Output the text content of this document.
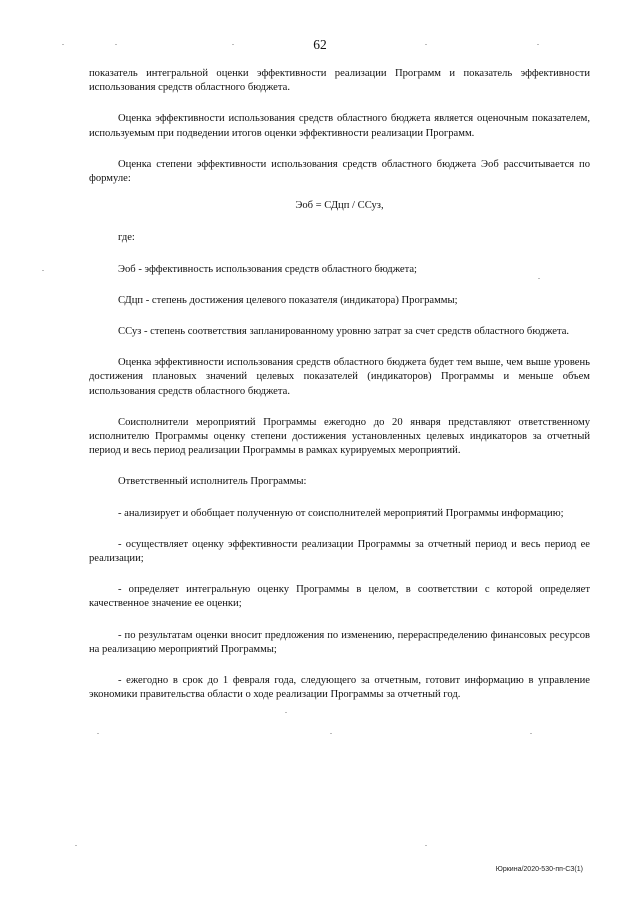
62

показатель интегральной оценки эффективности реализации Программ и показатель эффективности использования средств областного бюджета.

Оценка эффективности использования средств областного бюджета является оценочным показателем, используемым при подведении итогов оценки эффективности реализации Программ.

Оценка степени эффективности использования средств областного бюджета Эоб рассчитывается по формуле:

Эоб = СДцп / ССуз,

где:

Эоб - эффективность использования средств областного бюджета;

СДцп - степень достижения целевого показателя (индикатора) Программы;

ССуз - степень соответствия запланированному уровню затрат за счет средств областного бюджета.

Оценка эффективности использования средств областного бюджета будет тем выше, чем выше уровень достижения плановых значений целевых показателей (индикаторов) Программы и меньше объем использования средств областного бюджета.

Соисполнители мероприятий Программы ежегодно до 20 января представляют ответственному исполнителю Программы оценку степени достижения установленных целевых индикаторов за отчетный период и весь период реализации Программы в рамках курируемых мероприятий.

Ответственный исполнитель Программы:

- анализирует и обобщает полученную от соисполнителей мероприятий Программы информацию;

- осуществляет оценку эффективности реализации Программы за отчетный период и весь период ее реализации;

- определяет интегральную оценку Программы в целом, в соответствии с которой определяет качественное значение ее оценки;

- по результатам оценки вносит предложения по изменению, перераспределению финансовых ресурсов на реализацию мероприятий Программы;

- ежегодно в срок до 1 февраля года, следующего за отчетным, готовит информацию в управление экономики правительства области о ходе реализации Программы за отчетный год.

Юркина/2020-530-пп-СЗ(1)
